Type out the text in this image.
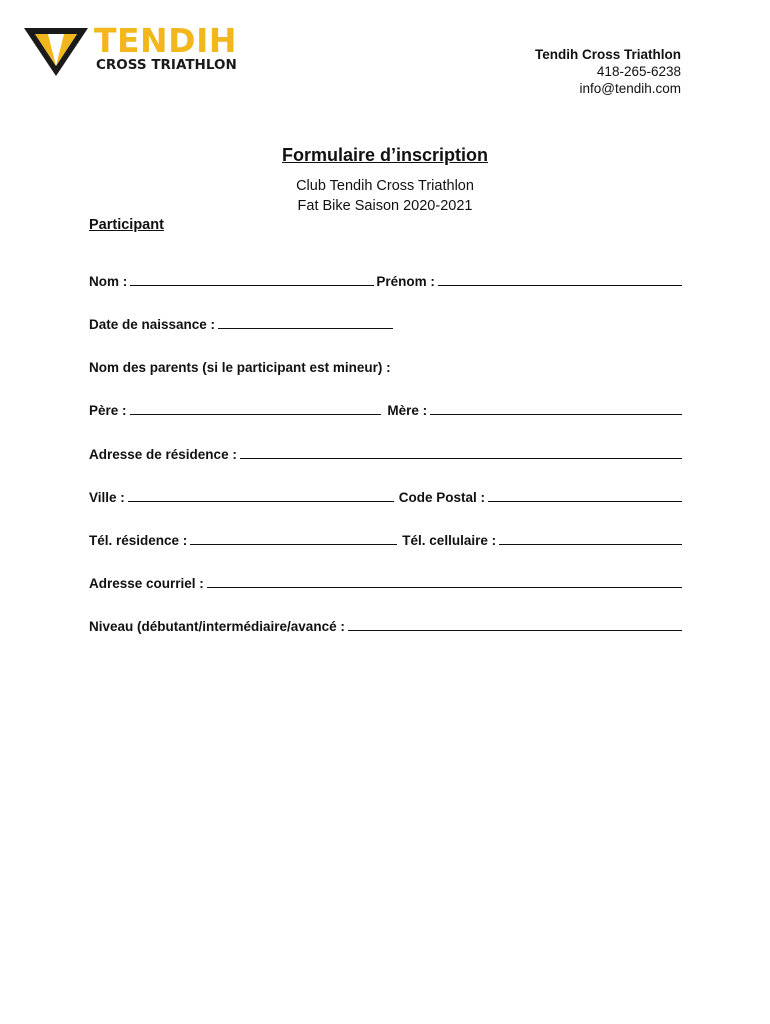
TENDIH
CROSS TRIATHLON
Tendih Cross Triathlon
418-265-6238
info@tendih.com
Formulaire d’inscription
Club Tendih Cross Triathlon
Fat Bike Saison 2020-2021
Participant
Nom :	Prénom :
Date de naissance :
Nom des parents (si le participant est mineur) :
Père :	Mère :
Adresse de résidence :
Ville :	Code Postal :
Tél. résidence :	Tél. cellulaire :
Adresse courriel :
Niveau (débutant/intermédiaire/avancé :
